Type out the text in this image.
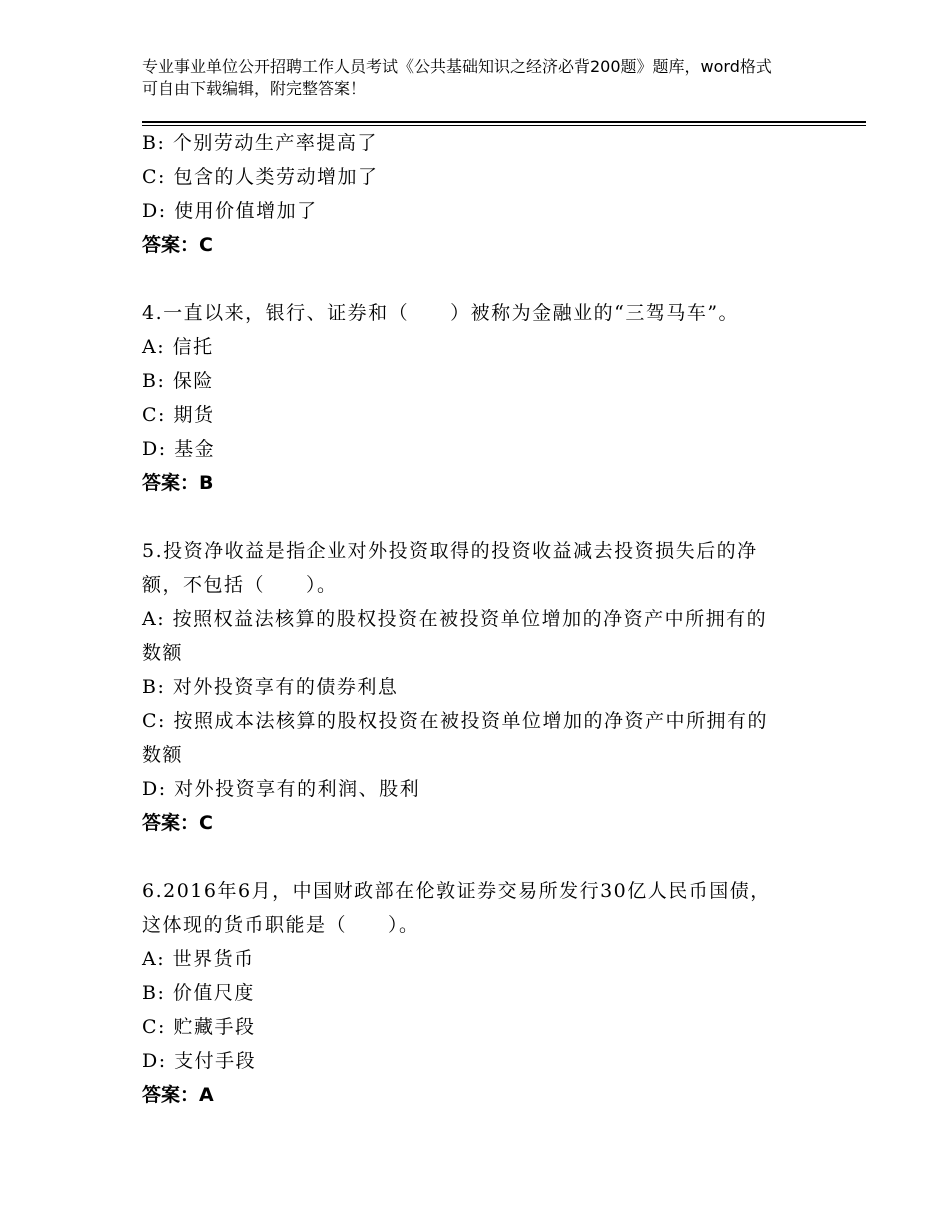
专业事业单位公开招聘工作人员考试《公共基础知识之经济必背200题》题库，word格式可自由下载编辑，附完整答案！
B: 个别劳动生产率提高了
C: 包含的人类劳动增加了
D: 使用价值增加了
答案：C
4.一直以来，银行、证券和（　　）被称为金融业的“三驾马车”。
A: 信托
B: 保险
C: 期货
D: 基金
答案：B
5.投资净收益是指企业对外投资取得的投资收益减去投资损失后的净
额，不包括（　　）。
A: 按照权益法核算的股权投资在被投资单位增加的净资产中所拥有的
数额
B: 对外投资享有的债券利息
C: 按照成本法核算的股权投资在被投资单位增加的净资产中所拥有的
数额
D: 对外投资享有的利润、股利
答案：C
6.2016年6月，中国财政部在伦敦证券交易所发行30亿人民币国债，
这体现的货币职能是（　　）。
A: 世界货币
B: 价值尺度
C: 贮藏手段
D: 支付手段
答案：A
